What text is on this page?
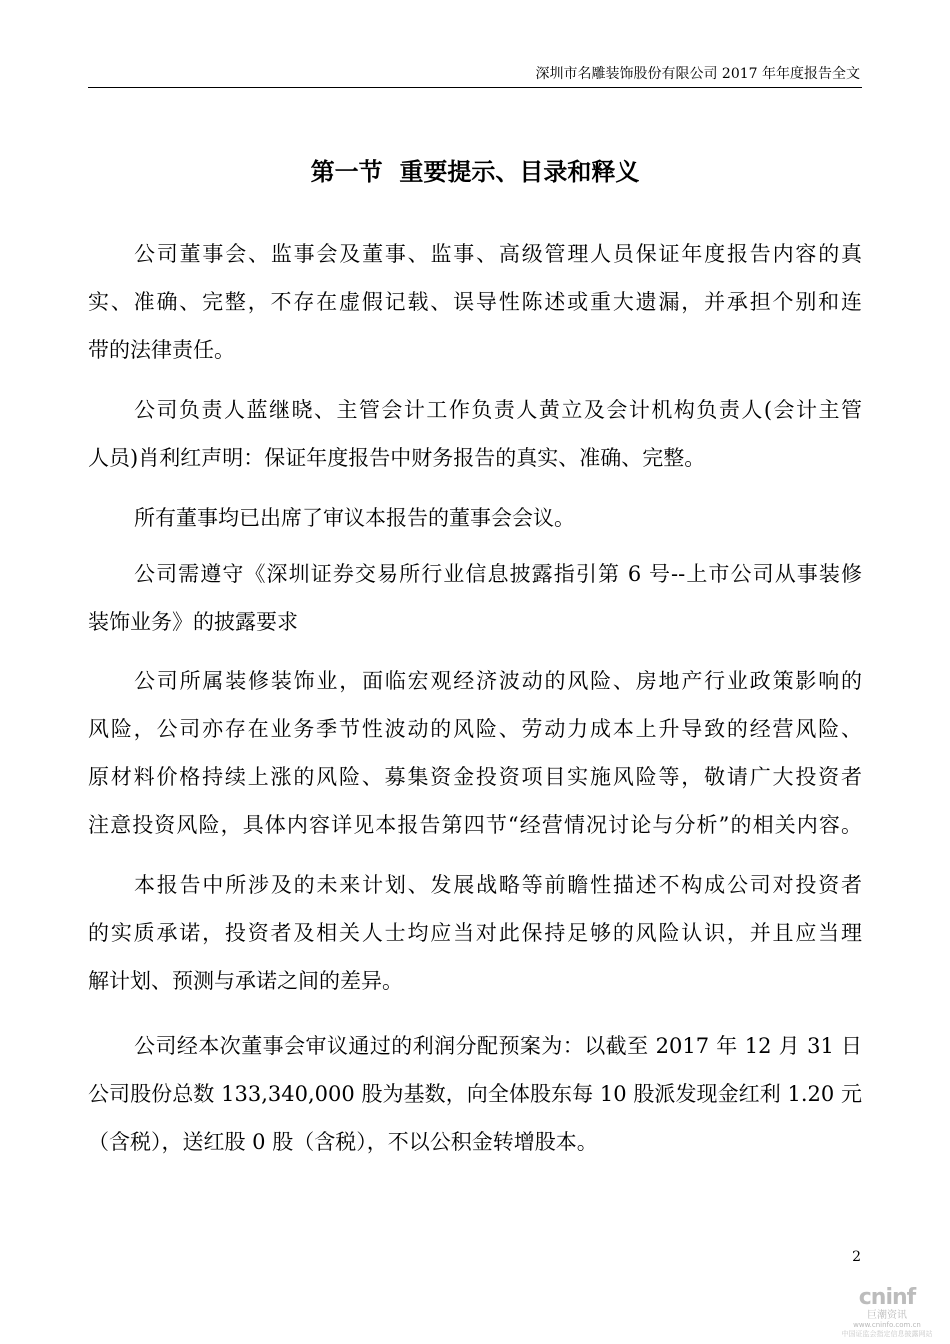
深圳市名雕装饰股份有限公司 2017 年年度报告全文
第一节  重要提示、目录和释义
公司董事会、监事会及董事、监事、高级管理人员保证年度报告内容的真
实、准确、完整，不存在虚假记载、误导性陈述或重大遗漏，并承担个别和连
带的法律责任。
公司负责人蓝继晓、主管会计工作负责人黄立及会计机构负责人(会计主管
人员)肖利红声明：保证年度报告中财务报告的真实、准确、完整。
所有董事均已出席了审议本报告的董事会会议。
公司需遵守《深圳证券交易所行业信息披露指引第 6 号--上市公司从事装修
装饰业务》的披露要求
公司所属装修装饰业，面临宏观经济波动的风险、房地产行业政策影响的
风险，公司亦存在业务季节性波动的风险、劳动力成本上升导致的经营风险、
原材料价格持续上涨的风险、募集资金投资项目实施风险等，敬请广大投资者
注意投资风险，具体内容详见本报告第四节“经营情况讨论与分析”的相关内容。
本报告中所涉及的未来计划、发展战略等前瞻性描述不构成公司对投资者
的实质承诺，投资者及相关人士均应当对此保持足够的风险认识，并且应当理
解计划、预测与承诺之间的差异。
公司经本次董事会审议通过的利润分配预案为：以截至 2017 年 12 月 31 日
公司股份总数 133,340,000 股为基数，向全体股东每 10 股派发现金红利 1.20 元
（含税），送红股 0 股（含税），不以公积金转增股本。
2
cninf
巨潮资讯
www.cninfo.com.cn
中国证监会指定信息披露网站
